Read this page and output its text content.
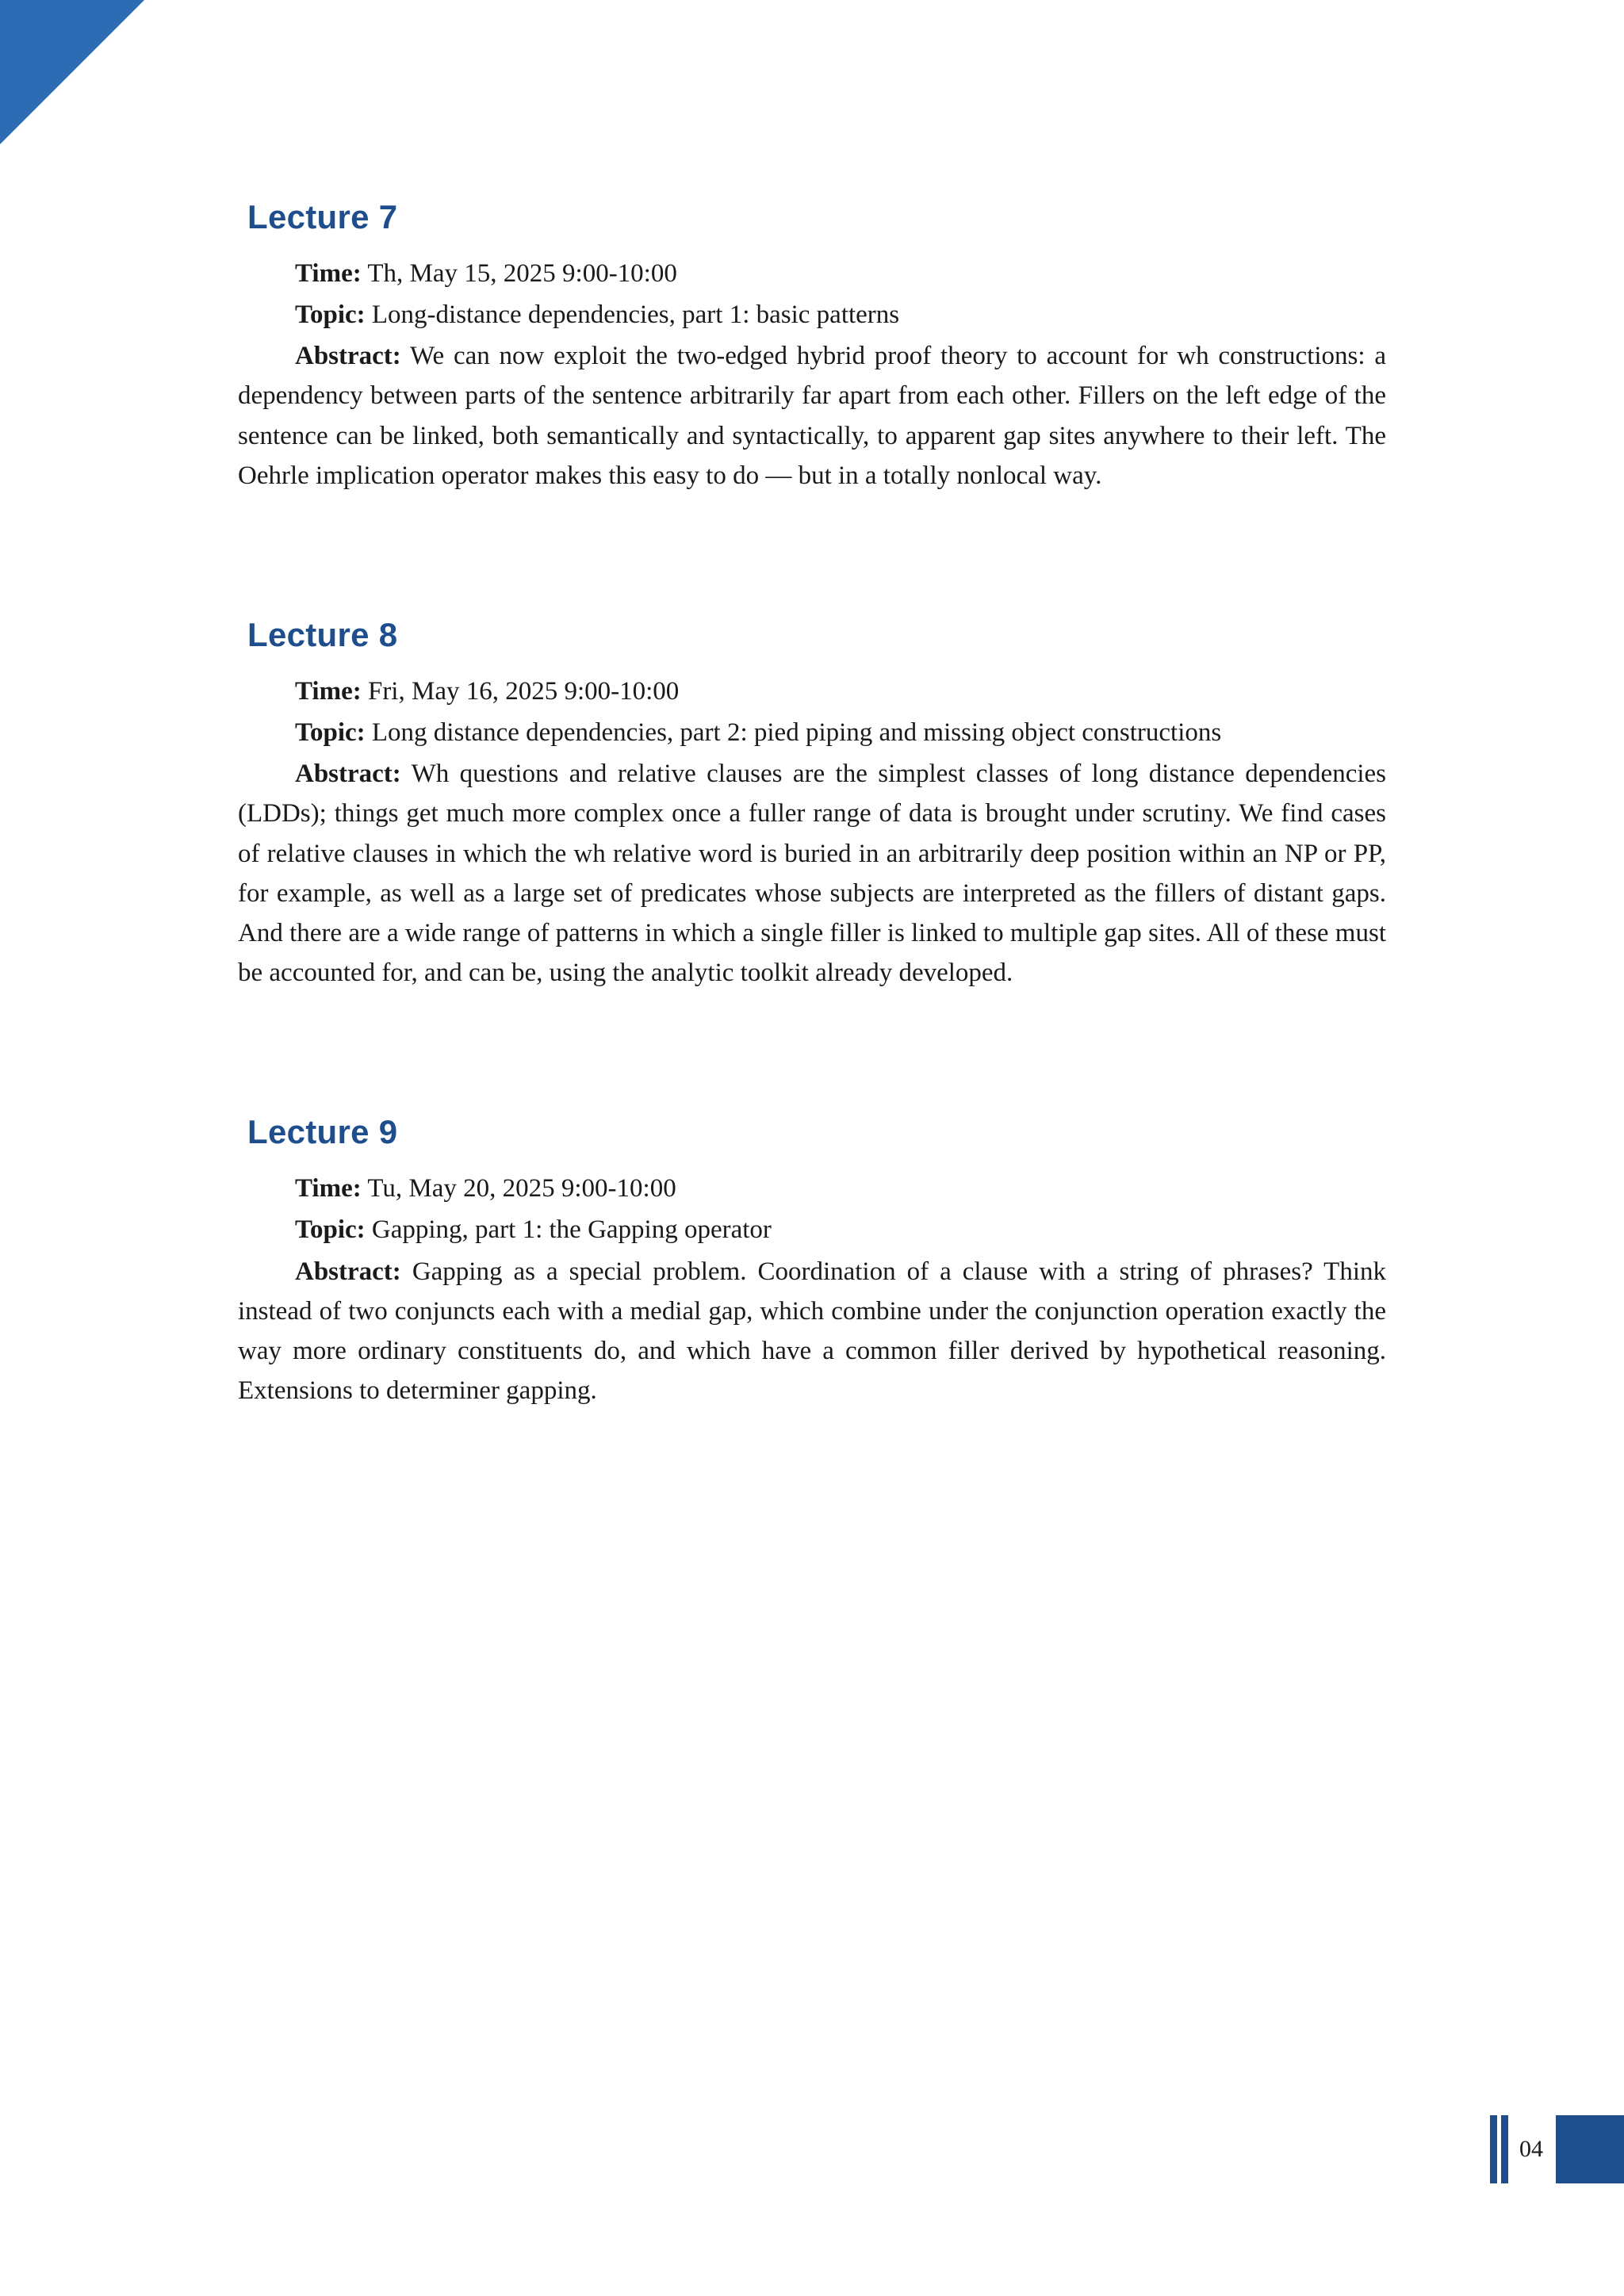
Lecture 7

Time: Th, May 15, 2025 9:00-10:00

Topic: Long-distance dependencies, part 1: basic patterns

Abstract: We can now exploit the two-edged hybrid proof theory to account for wh constructions: a dependency between parts of the sentence arbitrarily far apart from each other. Fillers on the left edge of the sentence can be linked, both semantically and syntactically, to apparent gap sites anywhere to their left. The Oehrle implication operator makes this easy to do — but in a totally nonlocal way.

Lecture 8

Time: Fri, May 16, 2025 9:00-10:00

Topic: Long distance dependencies, part 2: pied piping and missing object constructions

Abstract: Wh questions and relative clauses are the simplest classes of long distance dependencies (LDDs); things get much more complex once a fuller range of data is brought under scrutiny. We find cases of relative clauses in which the wh relative word is buried in an arbitrarily deep position within an NP or PP, for example, as well as a large set of predicates whose subjects are interpreted as the fillers of distant gaps. And there are a wide range of patterns in which a single filler is linked to multiple gap sites. All of these must be accounted for, and can be, using the analytic toolkit already developed.

Lecture 9

Time: Tu, May 20, 2025 9:00-10:00

Topic: Gapping, part 1: the Gapping operator

Abstract: Gapping as a special problem. Coordination of a clause with a string of phrases? Think instead of two conjuncts each with a medial gap, which combine under the conjunction operation exactly the way more ordinary constituents do, and which have a common filler derived by hypothetical reasoning. Extensions to determiner gapping.

04
